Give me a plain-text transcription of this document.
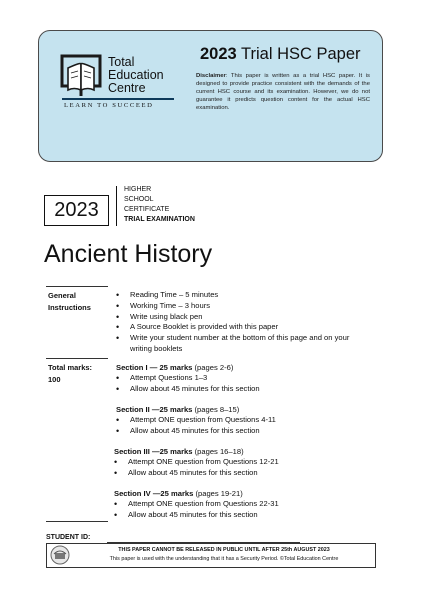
Total
Education
Centre
LEARN TO SUCCEED
2023 Trial HSC Paper
Disclaimer: This paper is written as a trial HSC paper. It is designed to provide practice consistent with the demands of the current HSC course and its examination. However, we do not guarantee it predicts question content for the actual HSC examination.
2023
HIGHER
SCHOOL
CERTIFICATE
TRIAL EXAMINATION
Ancient History
General
Instructions
• Reading Time – 5 minutes
• Working Time – 3 hours
• Write using black pen
• A Source Booklet is provided with this paper
• Write your student number at the bottom of this page and on your writing booklets
Total marks:
100
Section I — 25 marks (pages 2-6)
• Attempt Questions 1–3
• Allow about 45 minutes for this section
Section II —25 marks (pages 8–15)
• Attempt ONE question from Questions 4-11
• Allow about 45 minutes for this section
Section III —25 marks (pages 16–18)
• Attempt ONE question from Questions 12-21
• Allow about 45 minutes for this section
Section IV —25 marks (pages 19-21)
• Attempt ONE question from Questions 22-31
• Allow about 45 minutes for this section
STUDENT ID:
THIS PAPER CANNOT BE RELEASED IN PUBLIC UNTIL AFTER 25th AUGUST 2023
This paper is used with the understanding that it has a Security Period. ©Total Education Centre
